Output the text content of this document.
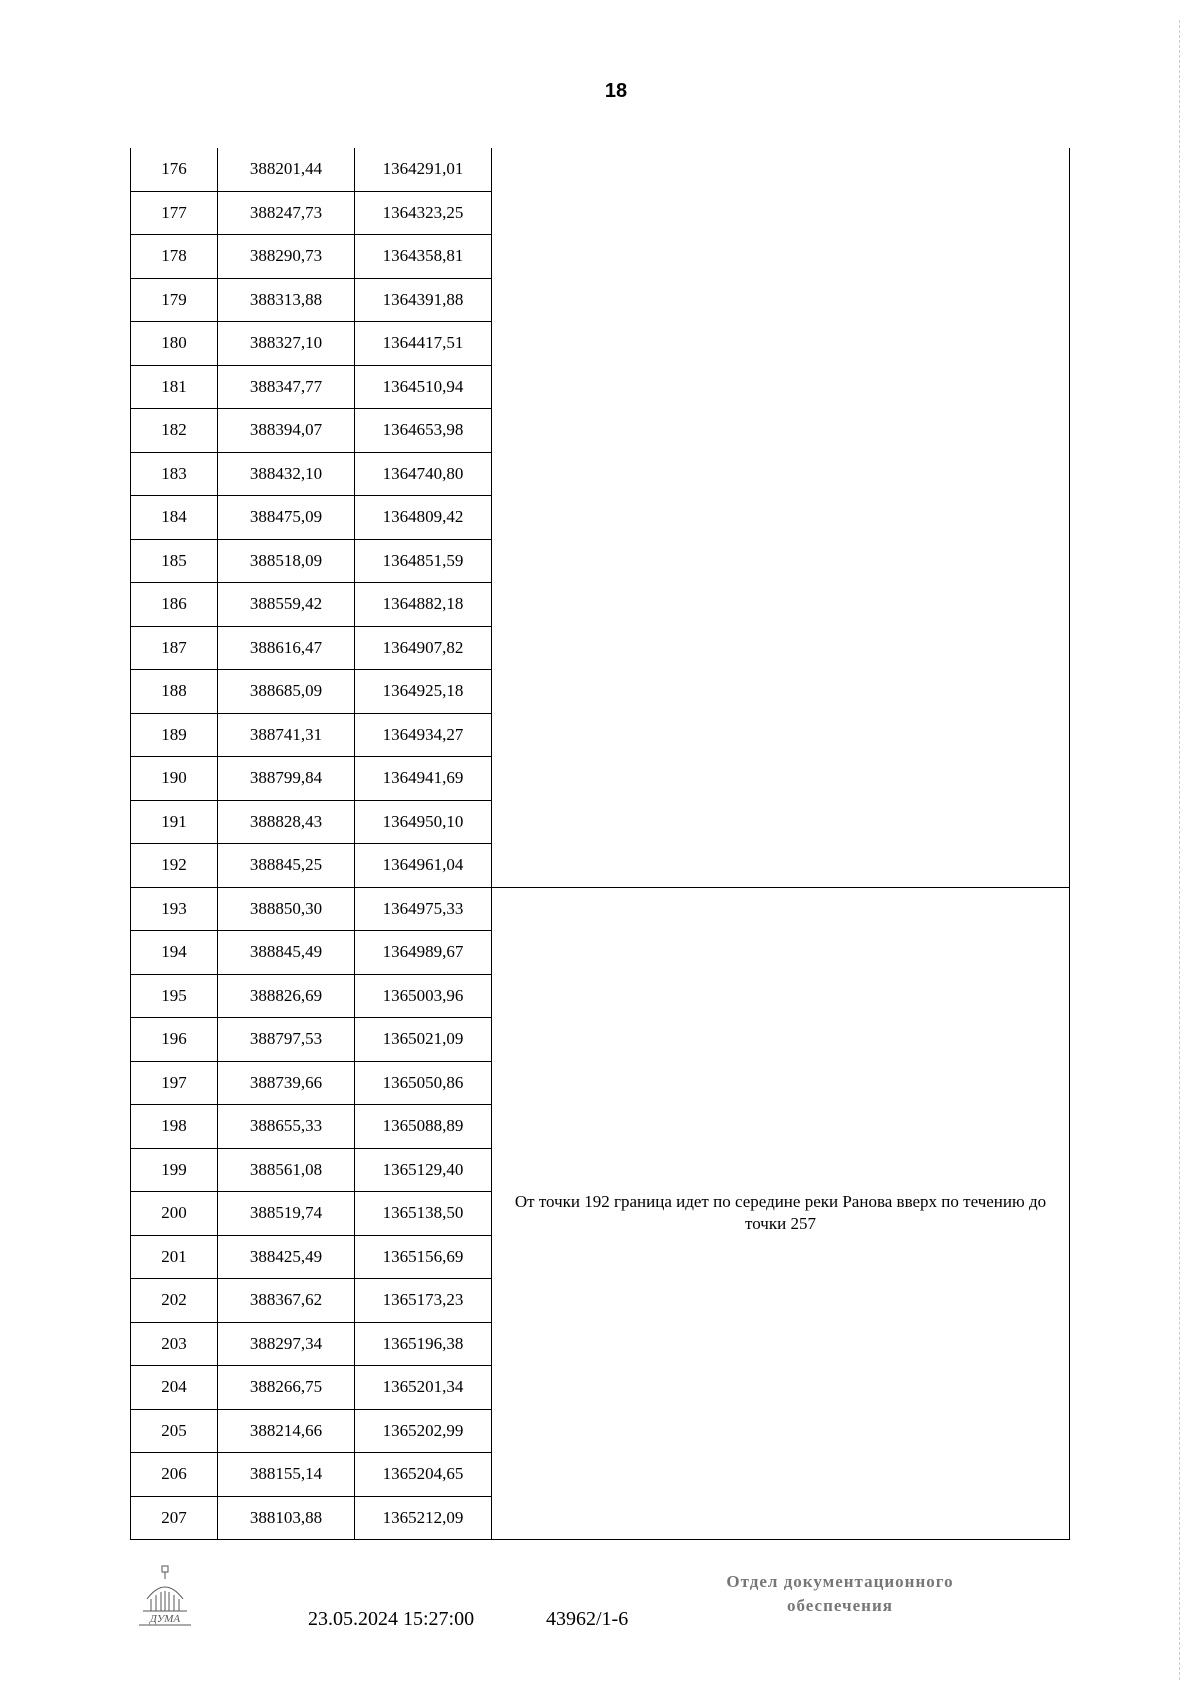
18
176	388201,44	1364291,01	
177	388247,73	1364323,25	
178	388290,73	1364358,81	
179	388313,88	1364391,88	
180	388327,10	1364417,51	
181	388347,77	1364510,94	
182	388394,07	1364653,98	
183	388432,10	1364740,80	
184	388475,09	1364809,42	
185	388518,09	1364851,59	
186	388559,42	1364882,18	
187	388616,47	1364907,82	
188	388685,09	1364925,18	
189	388741,31	1364934,27	
190	388799,84	1364941,69	
191	388828,43	1364950,10	
192	388845,25	1364961,04	
193	388850,30	1364975,33	От точки 192 граница идет по середине реки Ранова вверх по течению до точки 257
194	388845,49	1364989,67	
195	388826,69	1365003,96	
196	388797,53	1365021,09	
197	388739,66	1365050,86	
198	388655,33	1365088,89	
199	388561,08	1365129,40	
200	388519,74	1365138,50	
201	388425,49	1365156,69	
202	388367,62	1365173,23	
203	388297,34	1365196,38	
204	388266,75	1365201,34	
205	388214,66	1365202,99	
206	388155,14	1365204,65	
207	388103,88	1365212,09	
ДУМА	23.05.2024 15:27:00	43962/1-6
Отдел документационного
обеспечения
